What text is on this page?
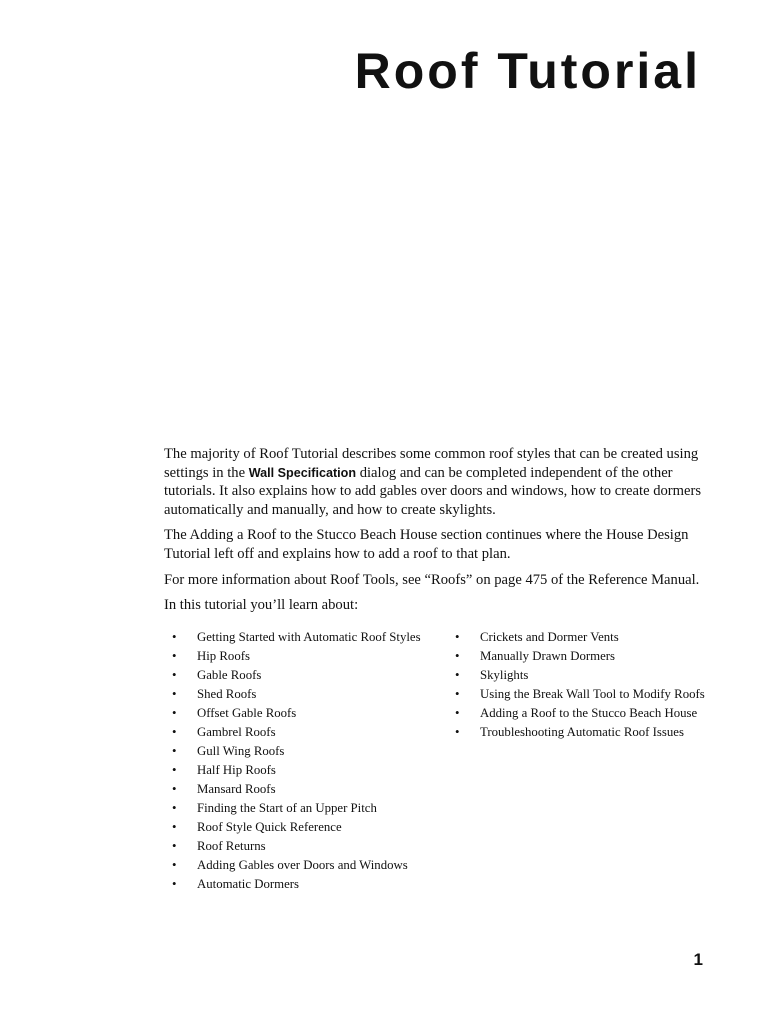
Roof Tutorial

The majority of Roof Tutorial describes some common roof styles that can be created using settings in the Wall Specification dialog and can be completed independent of the other tutorials. It also explains how to add gables over doors and windows, how to create dormers automatically and manually, and how to create skylights.

The Adding a Roof to the Stucco Beach House section continues where the House Design Tutorial left off and explains how to add a roof to that plan.

For more information about Roof Tools, see “Roofs” on page 475 of the Reference Manual.

In this tutorial you’ll learn about:

• Getting Started with Automatic Roof Styles
• Hip Roofs
• Gable Roofs
• Shed Roofs
• Offset Gable Roofs
• Gambrel Roofs
• Gull Wing Roofs
• Half Hip Roofs
• Mansard Roofs
• Finding the Start of an Upper Pitch
• Roof Style Quick Reference
• Roof Returns
• Adding Gables over Doors and Windows
• Automatic Dormers
• Crickets and Dormer Vents
• Manually Drawn Dormers
• Skylights
• Using the Break Wall Tool to Modify Roofs
• Adding a Roof to the Stucco Beach House
• Troubleshooting Automatic Roof Issues
1
